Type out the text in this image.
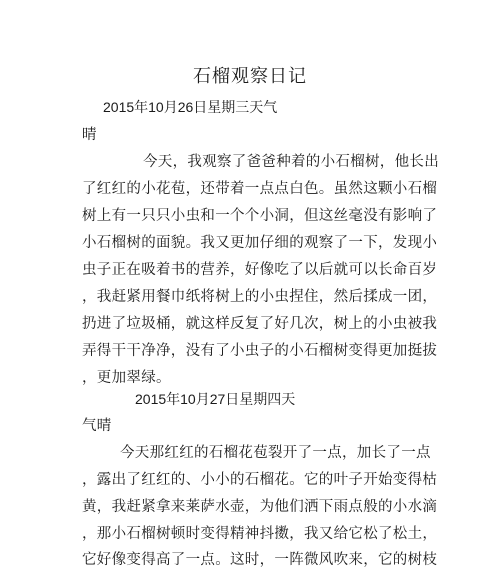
石榴观察日记
2015年10月26日星期三天气
晴
今天，我观察了爸爸种着的小石榴树，他长出
了红红的小花苞，还带着一点点白色。虽然这颗小石榴
树上有一只只小虫和一个个小洞，但这丝毫没有影响了
小石榴树的面貌。我又更加仔细的观察了一下，发现小
虫子正在吸着书的营养，好像吃了以后就可以长命百岁
，我赶紧用餐巾纸将树上的小虫捏住，然后揉成一团，
扔进了垃圾桶，就这样反复了好几次，树上的小虫被我
弄得干干净净，没有了小虫子的小石榴树变得更加挺拔
，更加翠绿。
2015年10月27日星期四天
气晴
今天那红红的石榴花苞裂开了一点，加长了一点
，露出了红红的、小小的石榴花。它的叶子开始变得枯
黄，我赶紧拿来莱萨水壶，为他们洒下雨点般的小水滴
，那小石榴树顿时变得精神抖擞，我又给它松了松土，
它好像变得高了一点。这时，一阵微风吹来，它的树枝
